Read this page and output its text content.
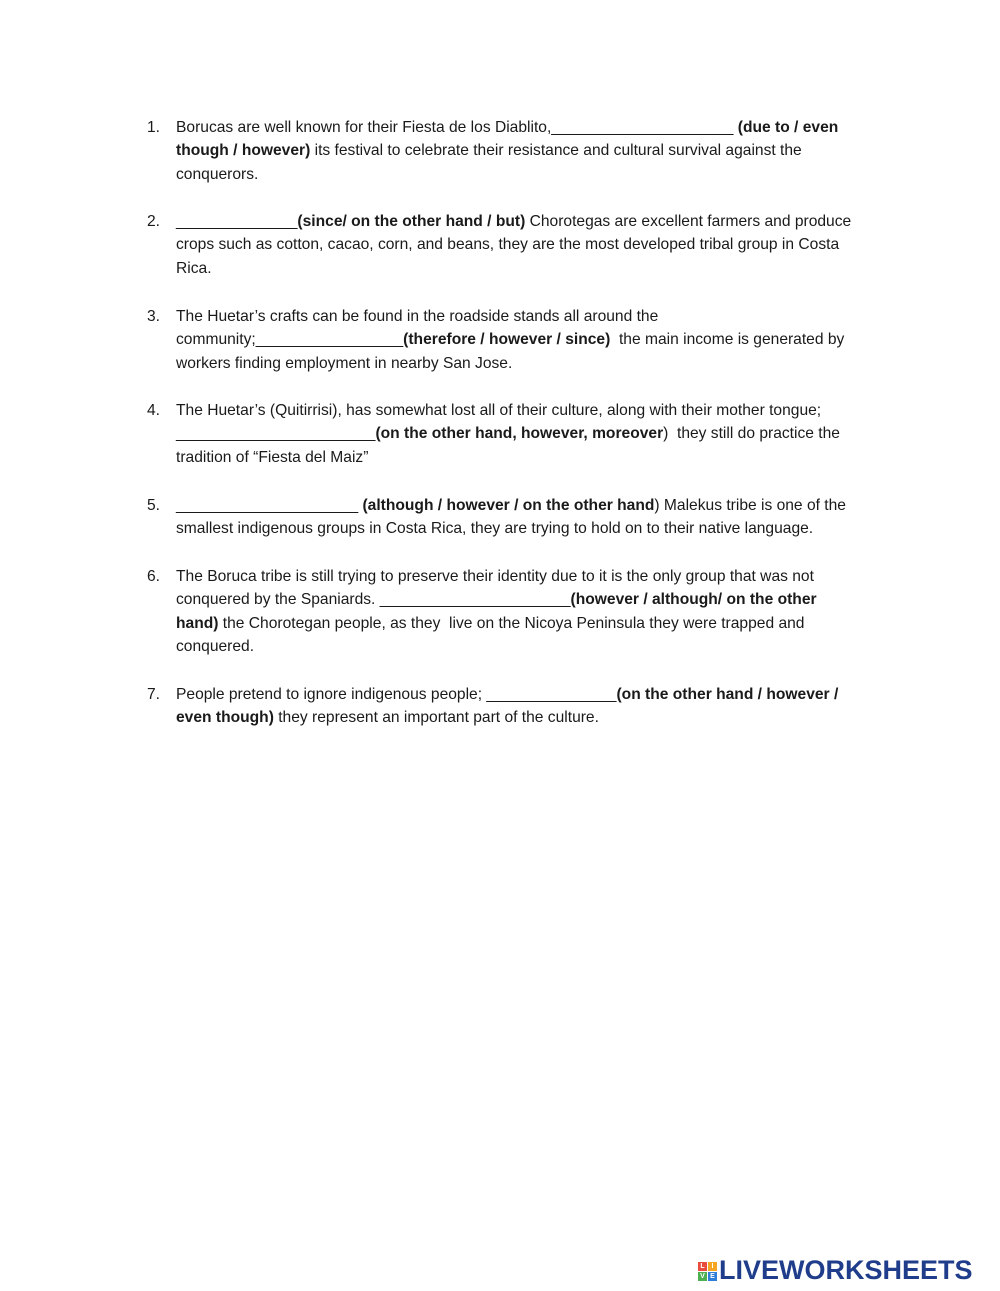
1.	Borucas are well known for their Fiesta de los Diablito,_____________________ (due to / even
though / however) its festival to celebrate their resistance and cultural survival against the
conquerors.
2.	______________(since/ on the other hand / but) Chorotegas are excellent farmers and produce
crops such as cotton, cacao, corn, and beans, they are the most developed tribal group in Costa
Rica.
3.	The Huetar’s crafts can be found in the roadside stands all around the
community;_________________(therefore / however / since)  the main income is generated by
workers finding employment in nearby San Jose.
4.	The Huetar’s (Quitirrisi), has somewhat lost all of their culture, along with their mother tongue;
_______________________(on the other hand, however, moreover)  they still do practice the
tradition of “Fiesta del Maiz”
5.	_____________________ (although / however / on the other hand) Malekus tribe is one of the
smallest indigenous groups in Costa Rica, they are trying to hold on to their native language.
6.	The Boruca tribe is still trying to preserve their identity due to it is the only group that was not
conquered by the Spaniards. ______________________(however / although/ on the other
hand) the Chorotegan people, as they  live on the Nicoya Peninsula they were trapped and
conquered.
7.	People pretend to ignore indigenous people; _______________(on the other hand / however /
even though) they represent an important part of the culture.
L I
V E LIVEWORKSHEETS
